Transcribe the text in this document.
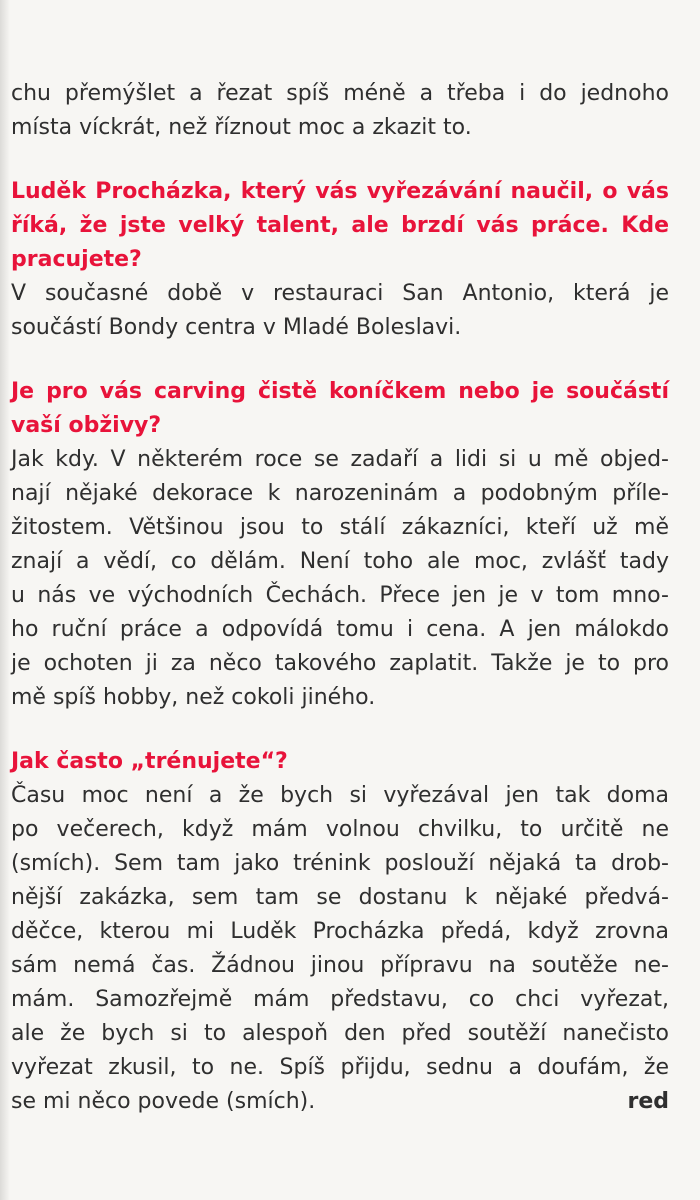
chu přemýšlet a řezat spíš méně a třeba i do jednoho
místa víckrát, než říznout moc a zkazit to.

Luděk Procházka, který vás vyřezávání naučil, o vás
říká, že jste velký talent, ale brzdí vás práce. Kde
pracujete?

V současné době v restauraci San Antonio, která je
součástí Bondy centra v Mladé Boleslavi.

Je pro vás carving čistě koníčkem nebo je součástí
vaší obživy?

Jak kdy. V některém roce se zadaří a lidi si u mě objed-
nají nějaké dekorace k narozeninám a podobným příle-
žitostem. Většinou jsou to stálí zákazníci, kteří už mě
znají a vědí, co dělám. Není toho ale moc, zvlášť tady
u nás ve východních Čechách. Přece jen je v tom mno-
ho ruční práce a odpovídá tomu i cena. A jen málokdo
je ochoten ji za něco takového zaplatit. Takže je to pro
mě spíš hobby, než cokoli jiného.

Jak často „trénujete“?

Času moc není a že bych si vyřezával jen tak doma
po večerech, když mám volnou chvilku, to určitě ne
(smích). Sem tam jako trénink poslouží nějaká ta drob-
nější zakázka, sem tam se dostanu k nějaké předvá-
děčce, kterou mi Luděk Procházka předá, když zrovna
sám nemá čas. Žádnou jinou přípravu na soutěže ne-
mám. Samozřejmě mám představu, co chci vyřezat,
ale že bych si to alespoň den před soutěží nanečisto
vyřezat zkusil, to ne. Spíš přijdu, sednu a doufám, že
se mi něco povede (smích).	red
